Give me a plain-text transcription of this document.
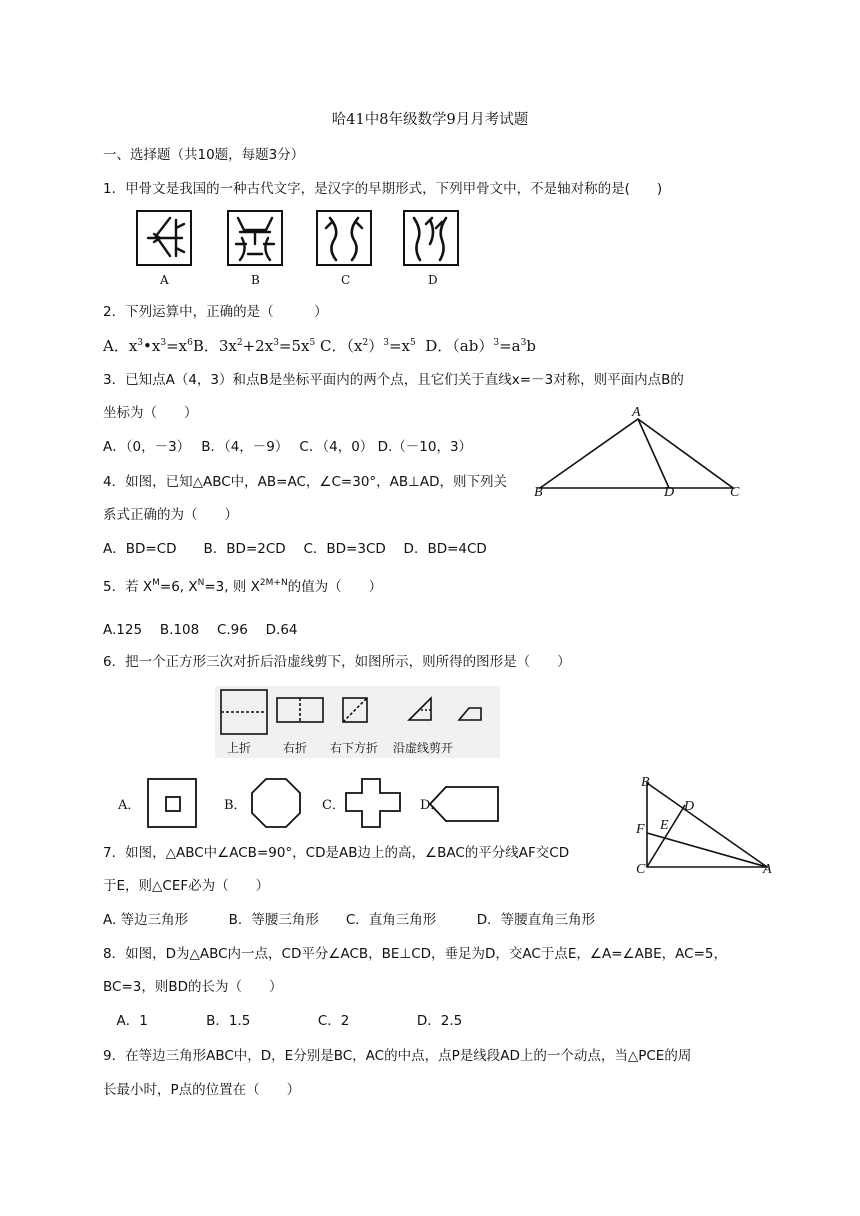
哈41中8年级数学9月月考试题
一、选择题（共10题，每题3分）
1．甲骨文是我国的一种古代文字，是汉字的早期形式，下列甲骨文中，不是轴对称的是(　　)
A	B	C	D
2．下列运算中，正确的是（　　　）
A．$x^3•x^3=x^6B$．$3x^2+2x^3=5x^5$ C．$(x^2)^3=x^5$ D．$(ab)^3=a^3b$
3．已知点A（4，3）和点B是坐标平面内的两个点，且它们关于直线x=－3对称，则平面内点B的
坐标为（　　）
A．（0，－3）　 B．（4，－9）　 C．（4，0） D.（－10，3）
A
B	D	C
4．如图，已知△ABC中，AB=AC，∠C=30°，AB⊥AD，则下列关
系式正确的为（　　）
A．BD=CD　　B．BD=2CD　 C．BD=3CD　 D．BD=4CD
5．若 $X^M=6$, $X^N=3$, 则 $X^{2M+N}$的值为（　　）
A.125　 B.108　 C.96　 D.64
6．把一个正方形三次对折后沿虚线剪下，如图所示，则所得的图形是（　　）
上折	右折 右下方折 沿虚线剪开
A．	B．	C．	D．
B
D
F E
C	A
7．如图，△ABC中∠ACB=90°，CD是AB边上的高，∠BAC的平分线AF交CD
于E，则△CEF必为（　　）
A. 等边三角形　　　B．等腰三角形　　C．直角三角形　　　D．等腰直角三角形
8．如图，D为△ABC内一点，CD平分∠ACB，BE⊥CD，垂足为D，交AC于点E，∠A=∠ABE，AC=5，
BC=3，则BD的长为（　　）
　A．1　　　　 B．1.5　　　　　C．2　　　　　D．2.5
9．在等边三角形ABC中，D，E分别是BC，AC的中点，点P是线段AD上的一个动点，当△PCE的周
长最小时，P点的位置在（　　）
